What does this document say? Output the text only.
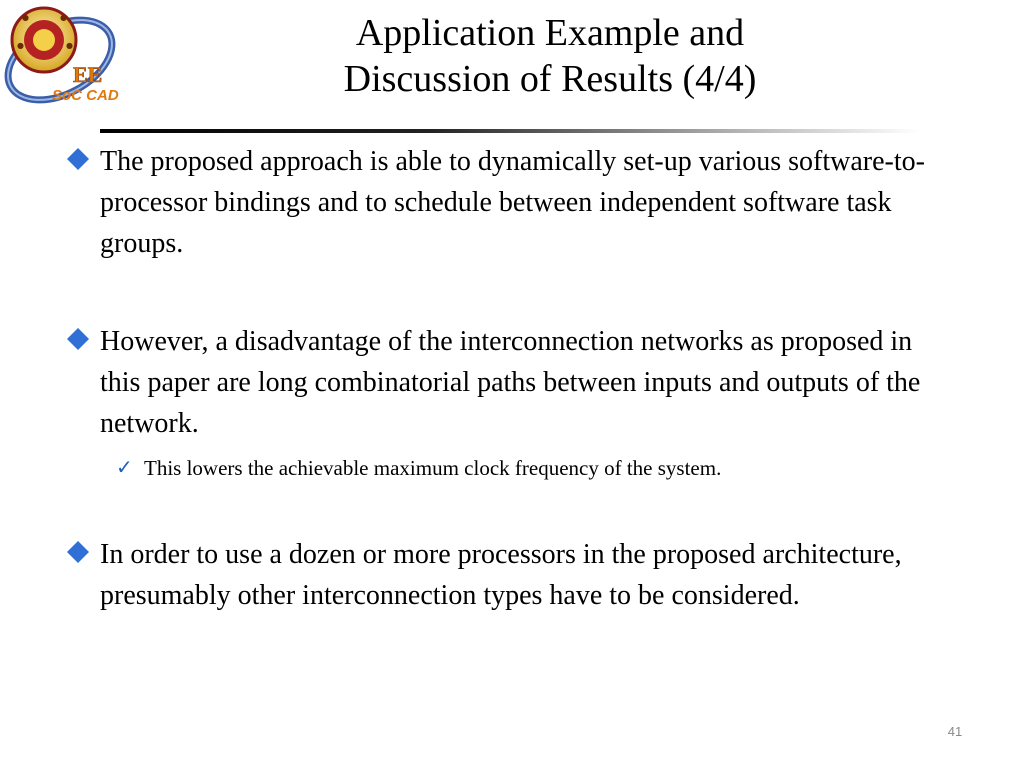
●	●
●	●
EE
SoC CAD
Application Example and
Discussion of Results (4/4)
The proposed approach is able to dynamically set-up various software-to-processor bindings and to schedule between independent software task groups.
However, a disadvantage of the interconnection networks as proposed in this paper are long combinatorial paths between inputs and outputs of the network.
✓ This lowers the achievable maximum clock frequency of the system.
In order to use a dozen or more processors in the proposed architecture, presumably other interconnection types have to be considered.
41
